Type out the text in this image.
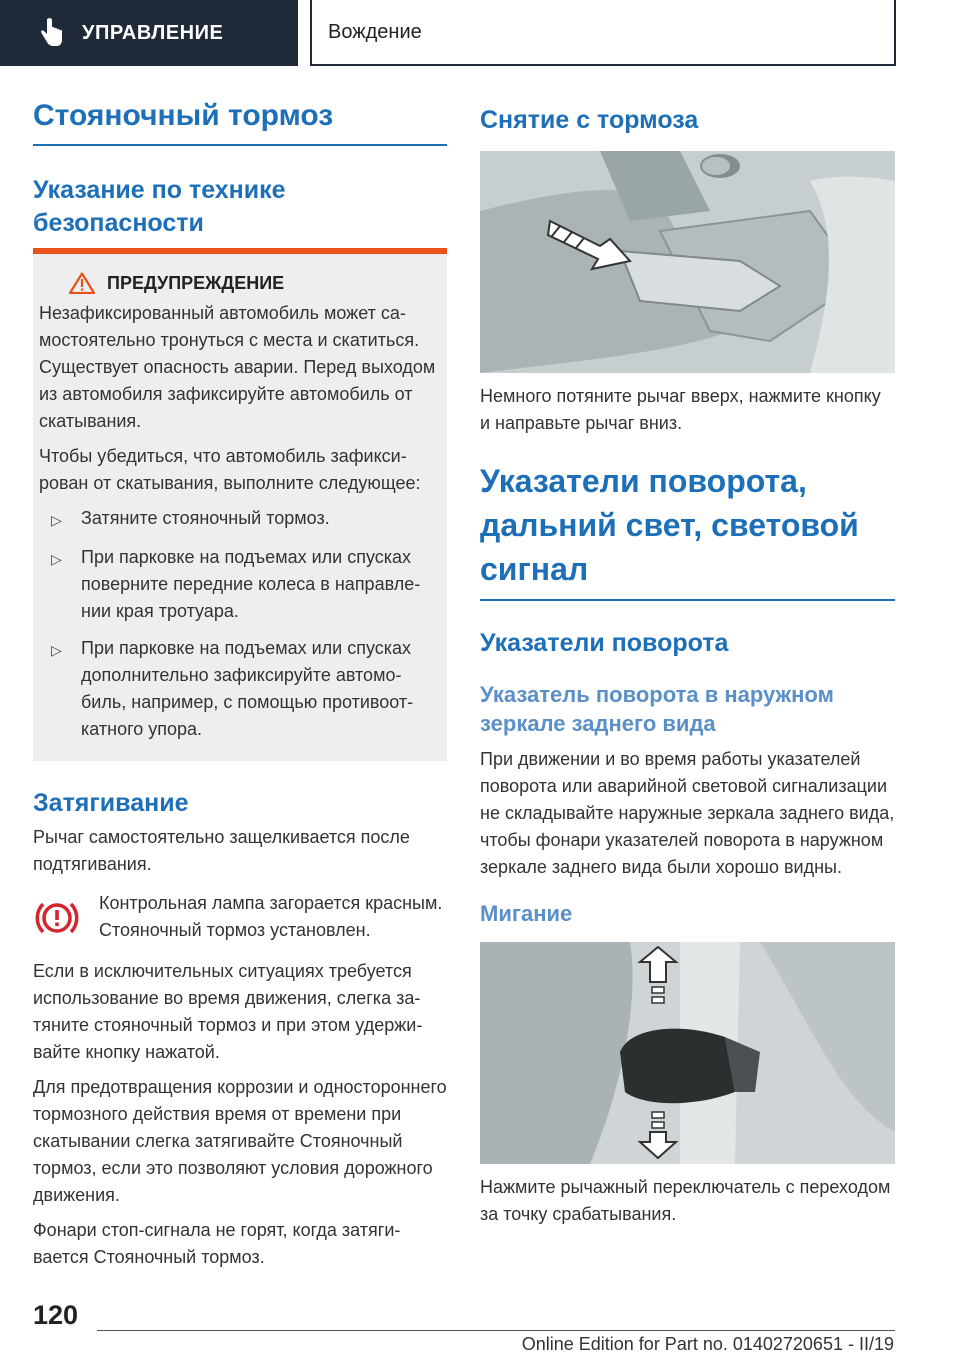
УПРАВЛЕНИЕ	Вождение
Стояночный тормоз
Указание по технике безопасности
ПРЕДУПРЕЖДЕНИЕ

Незафиксированный автомобиль может самостоятельно тронуться с места и скатиться. Существует опасность аварии. Перед выходом из автомобиля зафиксируйте автомобиль от скатывания.

Чтобы убедиться, что автомобиль зафиксирован от скатывания, выполните следующее:

▷	Затяните стояночный тормоз.
▷	При парковке на подъемах или спусках поверните передние колеса в направлении края тротуара.
▷	При парковке на подъемах или спусках дополнительно зафиксируйте автомобиль, например, с помощью противооткатного упора.
Затягивание

Рычаг самостоятельно защелкивается после подтягивания.

Контрольная лампа загорается красным. Стояночный тормоз установлен.

Если в исключительных ситуациях требуется использование во время движения, слегка затяните стояночный тормоз и при этом удерживайте кнопку нажатой.

Для предотвращения коррозии и одностороннего тормозного действия время от времени при скатывании слегка затягивайте Стояночный тормоз, если это позволяют условия дорожного движения.

Фонари стоп-сигнала не горят, когда затягивается Стояночный тормоз.

Снятие с тормоза

Немного потяните рычаг вверх, нажмите кнопку и направьте рычаг вниз.

Указатели поворота, дальний свет, световой сигнал
Указатели поворота
Указатель поворота в наружном зеркале заднего вида

При движении и во время работы указателей поворота или аварийной световой сигнализации не складывайте наружные зеркала заднего вида, чтобы фонари указателей поворота в наружном зеркале заднего вида были хорошо видны.

Мигание

Нажмите рычажный переключатель с переходом за точку срабатывания.

120
Online Edition for Part no. 01402720651 - II/19
